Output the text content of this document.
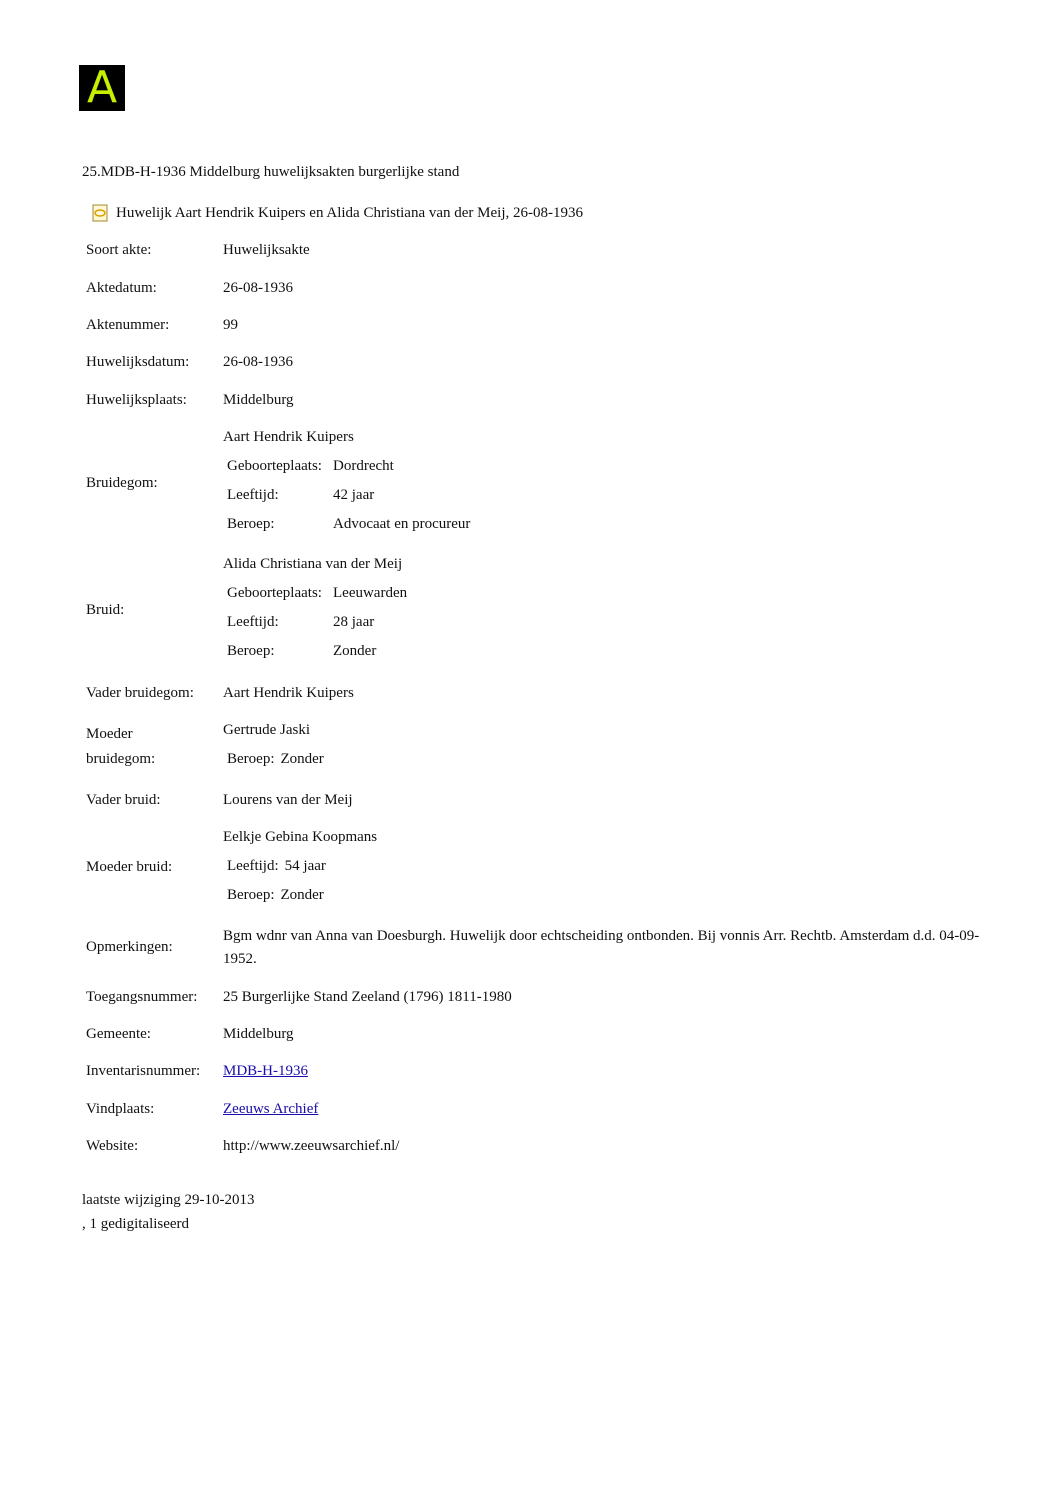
A
25.MDB-H-1936 Middelburg huwelijksakten burgerlijke stand
Huwelijk Aart Hendrik Kuipers en Alida Christiana van der Meij, 26-08-1936
Soort akte:	Huwelijksakte
Aktedatum:	26-08-1936
Aktenummer:	99
Huwelijksdatum:	26-08-1936
Huwelijksplaats:	Middelburg
Bruidegom:
Aart Hendrik Kuipers
Geboorteplaats: Dordrecht
Leeftijd:	42 jaar
Beroep:	Advocaat en procureur
Bruid:
Alida Christiana van der Meij
Geboorteplaats: Leeuwarden
Leeftijd:	28 jaar
Beroep:	Zonder
Vader bruidegom:	Aart Hendrik Kuipers
Moeder bruidegom:
Gertrude Jaski
Beroep: Zonder
Vader bruid:	Lourens van der Meij
Moeder bruid:
Eelkje Gebina Koopmans
Leeftijd: 54 jaar
Beroep: Zonder
Opmerkingen:
Bgm wdnr van Anna van Doesburgh. Huwelijk door echtscheiding ontbonden. Bij vonnis Arr. Rechtb. Amsterdam d.d. 04-09-1952.
Toegangsnummer:	25 Burgerlijke Stand Zeeland (1796) 1811-1980
Gemeente:	Middelburg
Inventarisnummer:	MDB-H-1936
Vindplaats:	Zeeuws Archief
Website:	http://www.zeeuwsarchief.nl/
laatste wijziging 29-10-2013
, 1 gedigitaliseerd
